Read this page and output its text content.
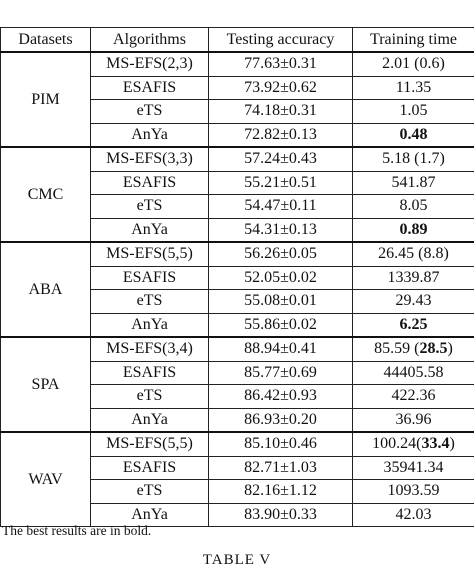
Datasets	Algorithms	Testing accuracy	Training time
PIM	MS-EFS(2,3)	77.63±0.31	2.01 (0.6)
	ESAFIS	73.92±0.62	11.35
	eTS	74.18±0.31	1.05
	AnYa	72.82±0.13	0.48
CMC	MS-EFS(3,3)	57.24±0.43	5.18 (1.7)
	ESAFIS	55.21±0.51	541.87
	eTS	54.47±0.11	8.05
	AnYa	54.31±0.13	0.89
ABA	MS-EFS(5,5)	56.26±0.05	26.45 (8.8)
	ESAFIS	52.05±0.02	1339.87
	eTS	55.08±0.01	29.43
	AnYa	55.86±0.02	6.25
SPA	MS-EFS(3,4)	88.94±0.41	85.59 (28.5)
	ESAFIS	85.77±0.69	44405.58
	eTS	86.42±0.93	422.36
	AnYa	86.93±0.20	36.96
WAV	MS-EFS(5,5)	85.10±0.46	100.24(33.4)
	ESAFIS	82.71±1.03	35941.34
	eTS	82.16±1.12	1093.59
	AnYa	83.90±0.33	42.03
The best results are in bold.
TABLE V
